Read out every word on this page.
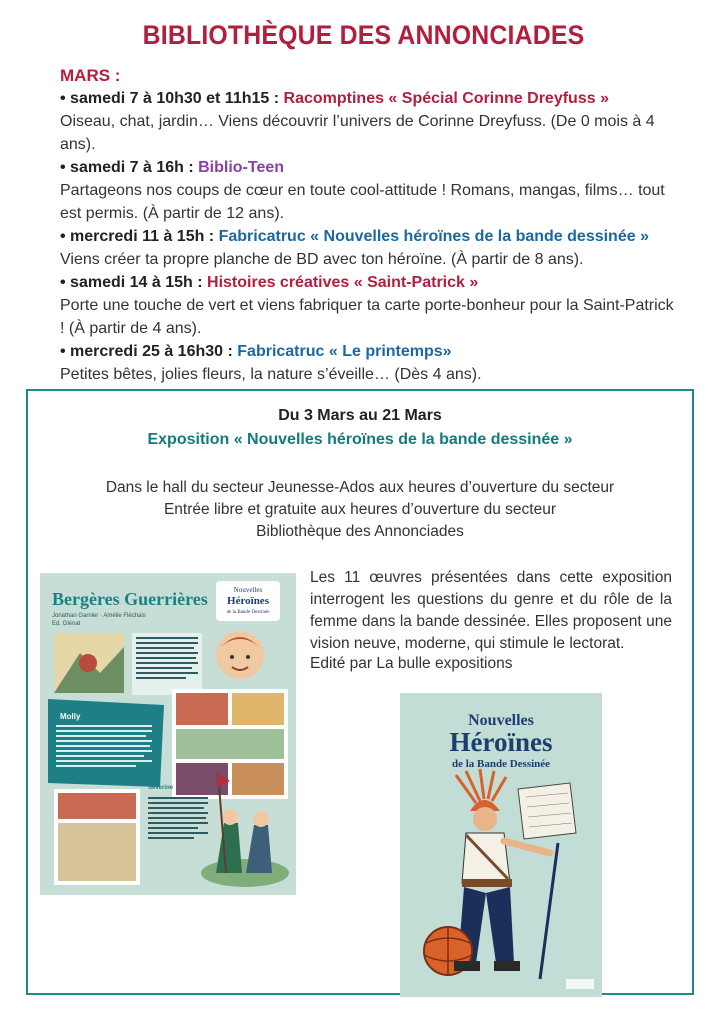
BIBLIOTHÈQUE DES ANNONCIADES
MARS :
• samedi 7 à 10h30 et 11h15 : Racomptines « Spécial Corinne Dreyfuss »
Oiseau, chat, jardin… Viens découvrir l’univers de Corinne Dreyfuss. (De 0 mois à 4 ans).
• samedi 7 à 16h : Biblio-Teen
Partageons nos coups de cœur en toute cool-attitude ! Romans, mangas, films… tout est permis. (À partir de 12 ans).
• mercredi 11 à 15h : Fabricatruc « Nouvelles héroïnes de la bande dessinée »
Viens créer ta propre planche de BD avec ton héroïne. (À partir de 8 ans).
• samedi 14 à 15h : Histoires créatives « Saint-Patrick »
Porte une touche de vert et viens fabriquer ta carte porte-bonheur pour la Saint-Patrick ! (À partir de 4 ans).
• mercredi 25 à 16h30 : Fabricatruc « Le printemps»
Petites bêtes, jolies fleurs, la nature s’éveille… (Dès 4 ans).
Du 3 Mars au 21 Mars
Exposition « Nouvelles héroïnes de la bande dessinée »
Dans le hall du secteur Jeunesse-Ados aux heures d’ouverture du secteur
Entrée libre et gratuite aux heures d’ouverture du secteur
Bibliothèque des Annonciades
Les 11 œuvres présentées dans cette exposition interrogent les questions du genre et du rôle de la femme dans la bande dessinée. Elles proposent une vision neuve, moderne, qui stimule le lectorat.
Edité par La bulle expositions
Bergères Guerrières
Jonathan Garnier · Amélie Fléchais
Ed. Glénat
Nouvelles
Héroïnes
de la Bande Dessinée
Molly
Séverine
Nouvelles
Héroïnes
de la Bande Dessinée
